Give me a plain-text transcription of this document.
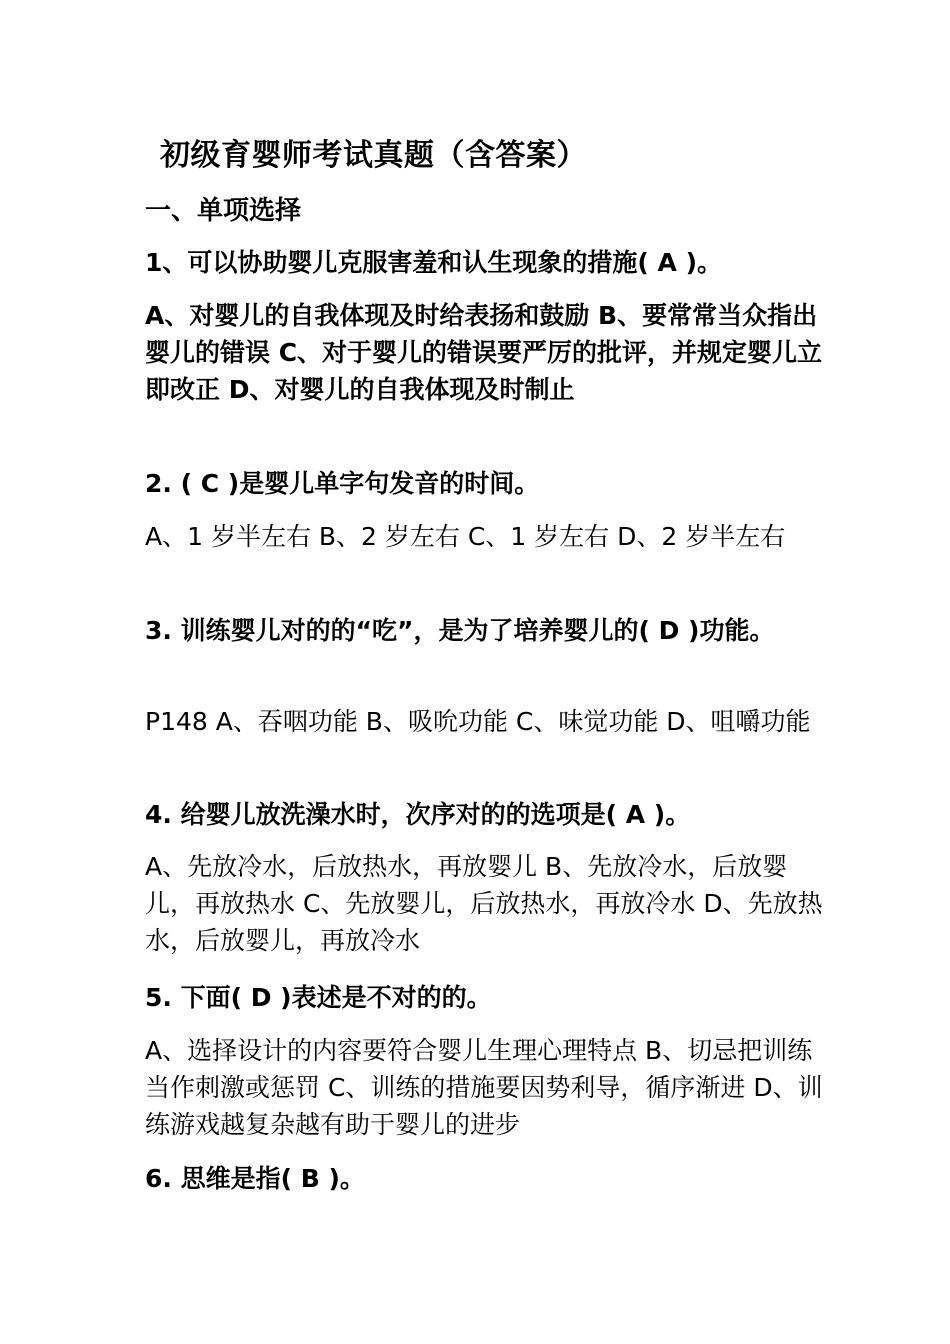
初级育婴师考试真题（含答案）
一、单项选择
1、可以协助婴儿克服害羞和认生现象的措施( A )。
A、对婴儿的自我体现及时给表扬和鼓励 B、要常常当众指出婴儿的错误 C、对于婴儿的错误要严厉的批评，并规定婴儿立即改正 D、对婴儿的自我体现及时制止
2. ( C )是婴儿单字句发音的时间。
A、1 岁半左右 B、2 岁左右 C、1 岁左右 D、2 岁半左右
3. 训练婴儿对的的“吃”，是为了培养婴儿的( D )功能。
P148 A、吞咽功能 B、吸吮功能 C、味觉功能 D、咀嚼功能
4. 给婴儿放洗澡水时，次序对的的选项是( A )。
A、先放冷水，后放热水，再放婴儿 B、先放冷水，后放婴儿，再放热水 C、先放婴儿，后放热水，再放冷水 D、先放热水，后放婴儿，再放冷水
5. 下面( D )表述是不对的的。
A、选择设计的内容要符合婴儿生理心理特点 B、切忌把训练当作刺激或惩罚 C、训练的措施要因势利导，循序渐进 D、训练游戏越复杂越有助于婴儿的进步
6. 思维是指( B )。
